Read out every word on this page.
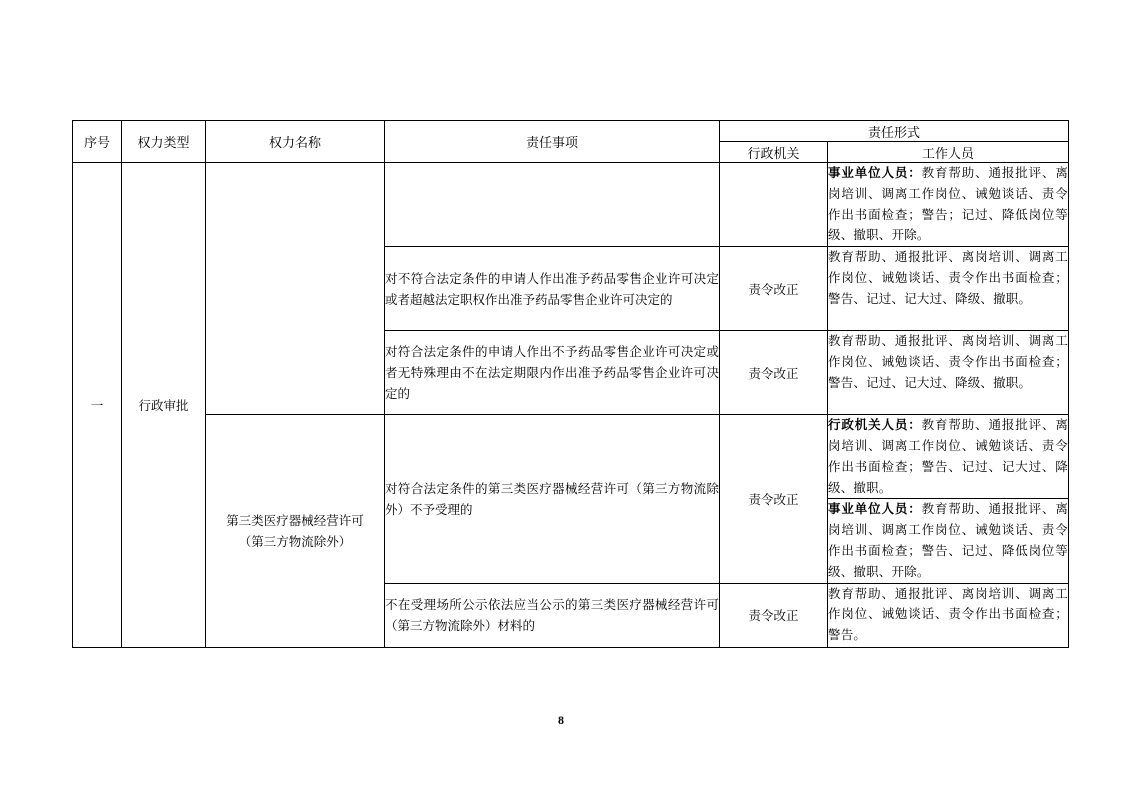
序号	权力类型	权力名称	责任事项	责任形式	
				行政机关	工作人员
一	行政审批				事业单位人员：教育帮助、通报批评、离岗培训、调离工作岗位、诫勉谈话、责令作出书面检查；警告；记过、降低岗位等级、撤职、开除。
			对不符合法定条件的申请人作出准予药品零售企业许可决定或者超越法定职权作出准予药品零售企业许可决定的	责令改正	教育帮助、通报批评、离岗培训、调离工作岗位、诫勉谈话、责令作出书面检查；警告、记过、记大过、降级、撤职。
			对符合法定条件的申请人作出不予药品零售企业许可决定或者无特殊理由不在法定期限内作出准予药品零售企业许可决定的	责令改正	教育帮助、通报批评、离岗培训、调离工作岗位、诫勉谈话、责令作出书面检查；警告、记过、记大过、降级、撤职。
		第三类医疗器械经营许可（第三方物流除外）	对符合法定条件的第三类医疗器械经营许可（第三方物流除外）不予受理的	责令改正	行政机关人员：教育帮助、通报批评、离岗培训、调离工作岗位、诫勉谈话、责令作出书面检查；警告、记过、记大过、降级、撤职。
					事业单位人员：教育帮助、通报批评、离岗培训、调离工作岗位、诫勉谈话、责令作出书面检查；警告、记过、降低岗位等级、撤职、开除。
			不在受理场所公示依法应当公示的第三类医疗器械经营许可（第三方物流除外）材料的	责令改正	教育帮助、通报批评、离岗培训、调离工作岗位、诫勉谈话、责令作出书面检查；警告。
8
